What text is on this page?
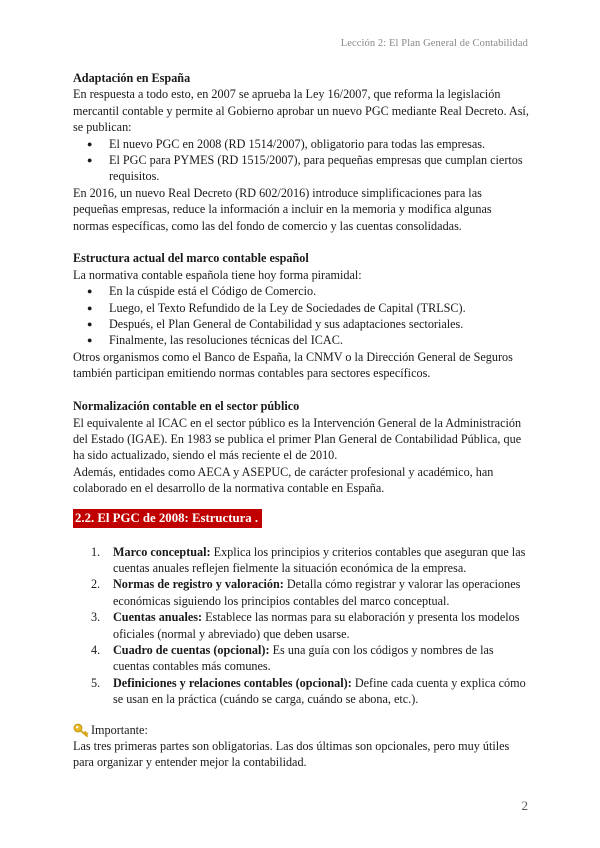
Lección 2: El Plan General de Contabilidad
Adaptación en España

En respuesta a todo esto, en 2007 se aprueba la Ley 16/2007, que reforma la legislación mercantil contable y permite al Gobierno aprobar un nuevo PGC mediante Real Decreto. Así, se publican:

● El nuevo PGC en 2008 (RD 1514/2007), obligatorio para todas las empresas.
● El PGC para PYMES (RD 1515/2007), para pequeñas empresas que cumplan ciertos requisitos.

En 2016, un nuevo Real Decreto (RD 602/2016) introduce simplificaciones para las pequeñas empresas, reduce la información a incluir en la memoria y modifica algunas normas específicas, como las del fondo de comercio y las cuentas consolidadas.

Estructura actual del marco contable español

La normativa contable española tiene hoy forma piramidal:

● En la cúspide está el Código de Comercio.
● Luego, el Texto Refundido de la Ley de Sociedades de Capital (TRLSC).
● Después, el Plan General de Contabilidad y sus adaptaciones sectoriales.
● Finalmente, las resoluciones técnicas del ICAC.

Otros organismos como el Banco de España, la CNMV o la Dirección General de Seguros también participan emitiendo normas contables para sectores específicos.

Normalización contable en el sector público

El equivalente al ICAC en el sector público es la Intervención General de la Administración del Estado (IGAE). En 1983 se publica el primer Plan General de Contabilidad Pública, que ha sido actualizado, siendo el más reciente el de 2010.

Además, entidades como AECA y ASEPUC, de carácter profesional y académico, han colaborado en el desarrollo de la normativa contable en España.

2.2. El PGC de 2008: Estructura .
1. Marco conceptual: Explica los principios y criterios contables que aseguran que las cuentas anuales reflejen fielmente la situación económica de la empresa.
2. Normas de registro y valoración: Detalla cómo registrar y valorar las operaciones económicas siguiendo los principios contables del marco conceptual.
3. Cuentas anuales: Establece las normas para su elaboración y presenta los modelos oficiales (normal y abreviado) que deben usarse.
4. Cuadro de cuentas (opcional): Es una guía con los códigos y nombres de las cuentas contables más comunes.
5. Definiciones y relaciones contables (opcional): Define cada cuenta y explica cómo se usan en la práctica (cuándo se carga, cuándo se abona, etc.).
Importante:

Las tres primeras partes son obligatorias. Las dos últimas son opcionales, pero muy útiles para organizar y entender mejor la contabilidad.

2
